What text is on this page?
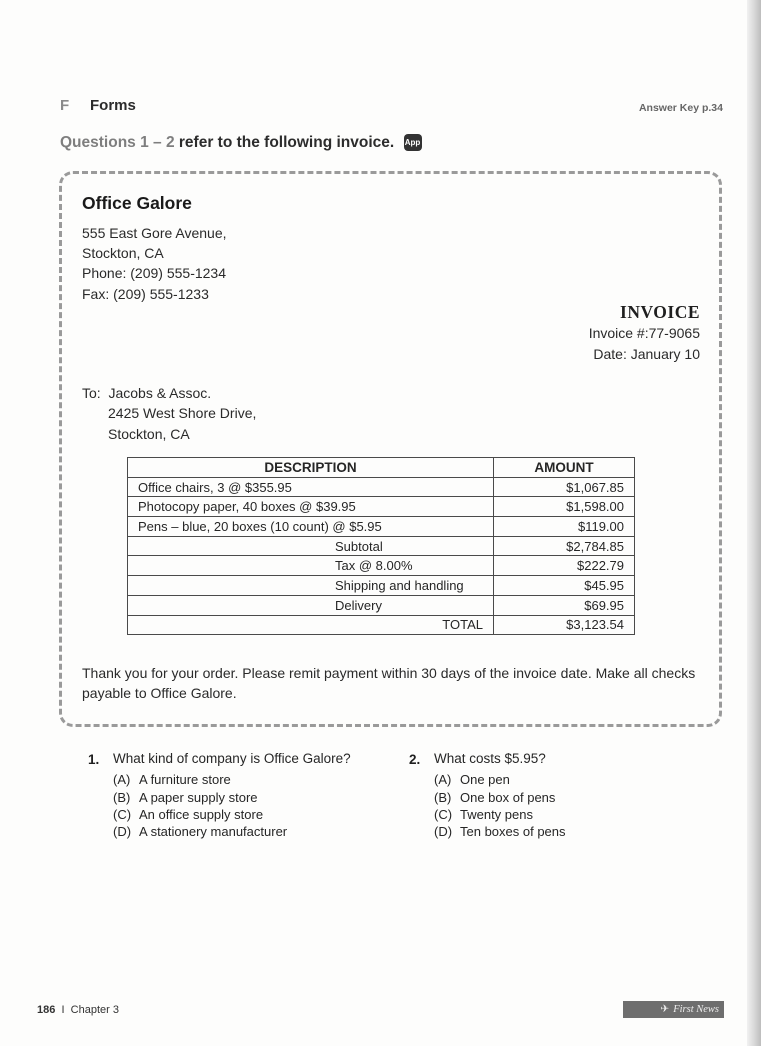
F Forms	Answer Key p.34
Questions 1 – 2 refer to the following invoice. App
Office Galore
555 East Gore Avenue,
Stockton, CA
Phone: (209) 555-1234
Fax: (209) 555-1233
INVOICE
Invoice #:77-9065
Date: January 10
To: Jacobs & Assoc.
2425 West Shore Drive,
Stockton, CA
DESCRIPTION	AMOUNT
Office chairs, 3 @ $355.95	$1,067.85
Photocopy paper, 40 boxes @ $39.95	$1,598.00
Pens – blue, 20 boxes (10 count) @ $5.95	$119.00
Subtotal	$2,784.85
Tax @ 8.00%	$222.79
Shipping and handling	$45.95
Delivery	$69.95
TOTAL	$3,123.54
Thank you for your order. Please remit payment within 30 days of the invoice date. Make all checks payable to Office Galore.
1. What kind of company is Office Galore?
(A) A furniture store
(B) A paper supply store
(C) An office supply store
(D) A stationery manufacturer
2. What costs $5.95?
(A) One pen
(B) One box of pens
(C) Twenty pens
(D) Ten boxes of pens
186 I Chapter 3	✈ First News
